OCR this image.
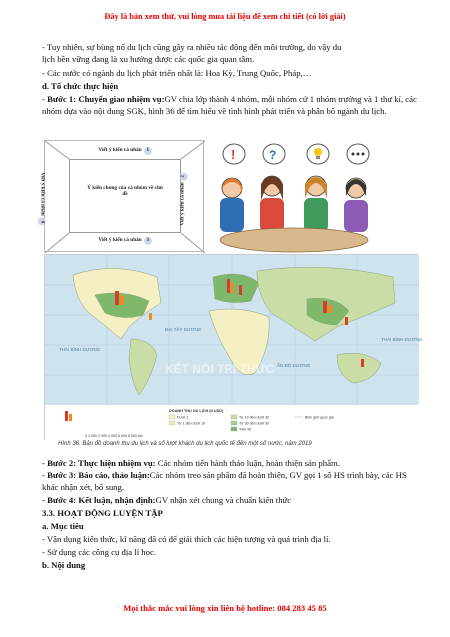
Đây là bản xem thử, vui lòng mua tài liệu để xem chi tiết (có lời giải)
- Tuy nhiên, sự bùng nổ du lịch cũng gây ra nhiều tác động đến môi trường, do vậy du
lịch bền vững đang là xu hướng được các quốc gia quan tâm.
- Các nước có ngành du lịch phát triển nhất là: Hoa Kỳ, Trung Quốc, Pháp,…
d. Tổ chức thực hiện
- Bước 1: Chuyển giao nhiệm vụ:GV chia lớp thành 4 nhóm, mỗi nhóm cử 1 nhóm trưởng và 1 thư kí, các nhóm dựa vào nội dung SGK, hình 36 để tìm hiểu về tình hình phát triển và phân bố ngành du lịch.
Viết ý kiến cá nhân 1
Ý kiến chung của cả nhóm về chủ đề
Viết ý kiến cá nhân 3
Viết ý kiến cá nhân4	Viết ý kiến cá nhân2
!	?
THÁI BÌNH DƯƠNG
ĐẠI TÂY DƯƠNG
ẤN ĐỘ DƯƠNG
THÁI BÌNH DƯƠNG
KẾT NỐI TRI THỨC
DOANH THU DU LỊCH (tỉ USD)
Dưới 1
Từ 1 đến dưới 10
Từ 10 đến dưới 30
Từ 30 đến dưới 50
Trên 50
Biên giới quốc gia
0 1 000 2 000 4 000 6 000 8 000 km
Hình 36. Bản đồ doanh thu du lịch và số lượt khách du lịch quốc tế đến một số nước, năm 2019
- Bước 2: Thực hiện nhiệm vụ: Các nhóm tiến hành thảo luận, hoàn thiện sản phẩm.
- Bước 3: Báo cáo, thảo luận:Các nhóm treo sản phẩm đã hoàn thiện, GV gọi 1 số HS trình bày, các HS khác nhận xét, bổ sung.
- Bước 4: Kết luận, nhận định:GV nhận xét chung và chuẩn kiến thức
3.3. HOẠT ĐỘNG LUYỆN TẬP
a. Mục tiêu
- Vận dụng kiến thức, kĩ năng đã có để giải thích các hiện tượng và quá trình địa lí.
- Sử dụng các công cụ địa lí học.
b. Nội dung
Mọi thắc mắc vui lòng xin liên hệ hotline: 084 283 45 85
